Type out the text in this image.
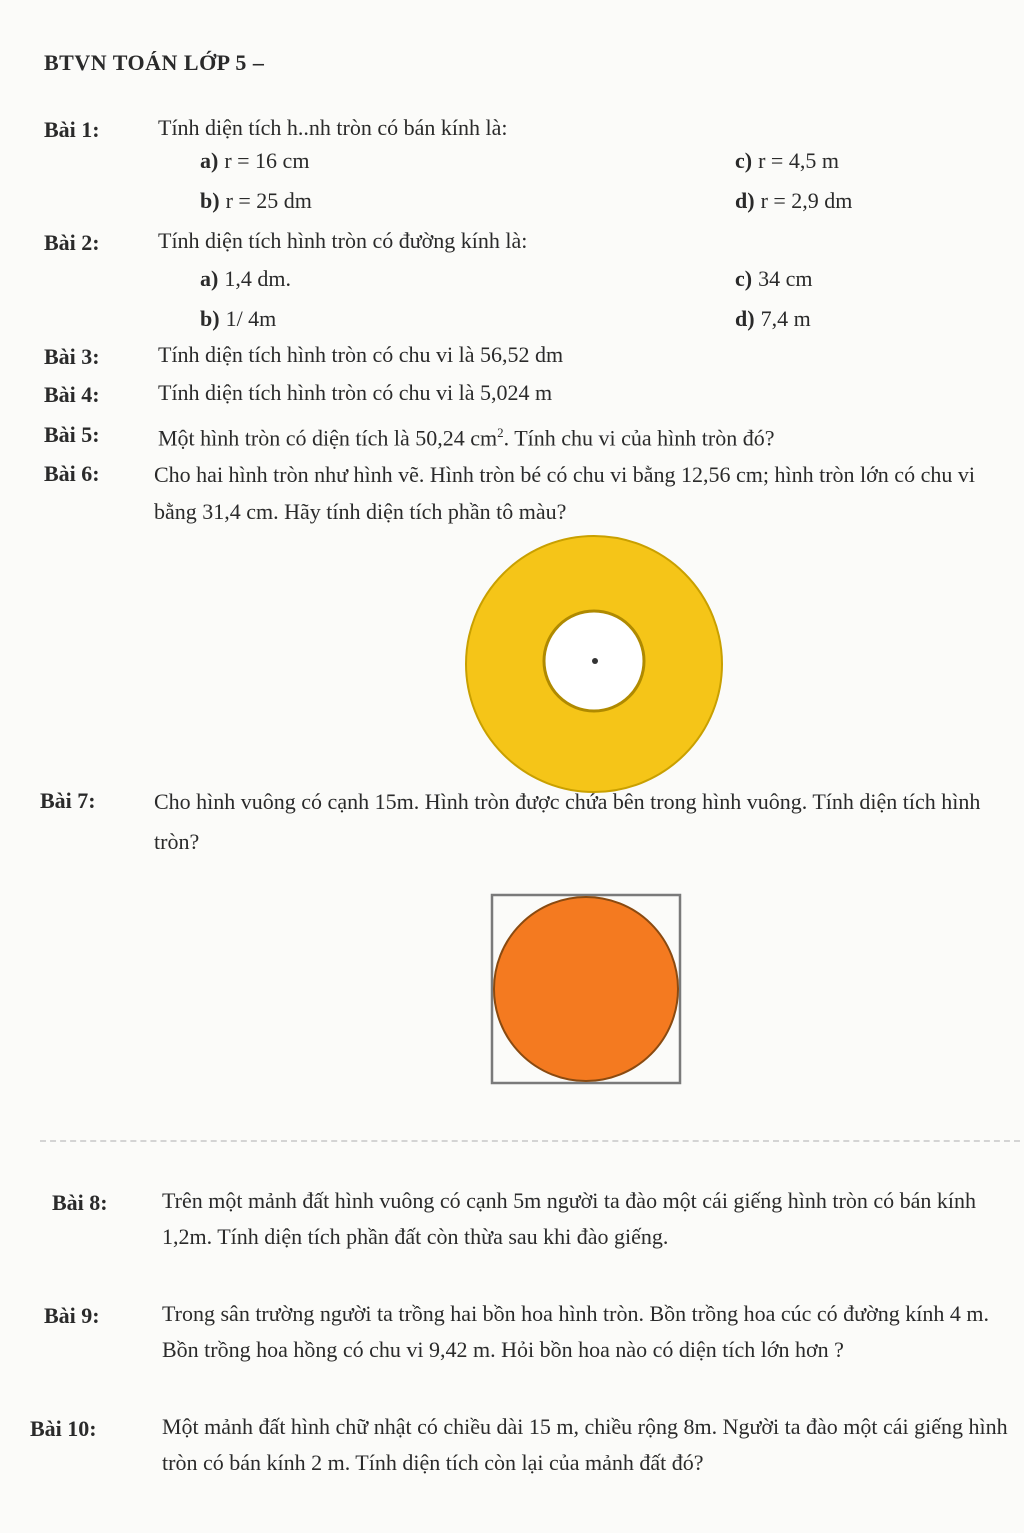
BTVN TOÁN LỚP 5 –
Bài 1:	Tính diện tích h..nh tròn có bán kính là:
a) r = 16 cm
b) r = 25 dm
c) r = 4,5 m
d) r = 2,9 dm
Bài 2:	Tính diện tích hình tròn có đường kính là:
a) 1,4 dm.
b) 1/ 4m
c) 34 cm
d) 7,4 m
Bài 3:	Tính diện tích hình tròn có chu vi là 56,52 dm
Bài 4:	Tính diện tích hình tròn có chu vi là 5,024 m
Bài 5:	Một hình tròn có diện tích là 50,24 $cm^2$. Tính chu vi của hình tròn đó?
Bài 6: Cho hai hình tròn như hình vẽ. Hình tròn bé có chu vi bằng 12,56 cm; hình tròn lớn có chu vi bằng 31,4 cm. Hãy tính diện tích phần tô màu?
Bài 7:	Cho hình vuông có cạnh 15m. Hình tròn được chứa bên trong hình vuông. Tính diện tích hình tròn?
Bài 8: Trên một mảnh đất hình vuông có cạnh 5m người ta đào một cái giếng hình tròn có bán kính 1,2m. Tính diện tích phần đất còn thừa sau khi đào giếng.
Bài 9:	Trong sân trường người ta trồng hai bồn hoa hình tròn. Bồn trồng hoa cúc có đường kính 4 m. Bồn trồng hoa hồng có chu vi 9,42 m. Hỏi bồn hoa nào có diện tích lớn hơn ?
Bài 10:	Một mảnh đất hình chữ nhật có chiều dài 15 m, chiều rộng 8m. Người ta đào một cái giếng hình tròn có bán kính 2 m. Tính diện tích còn lại của mảnh đất đó?
